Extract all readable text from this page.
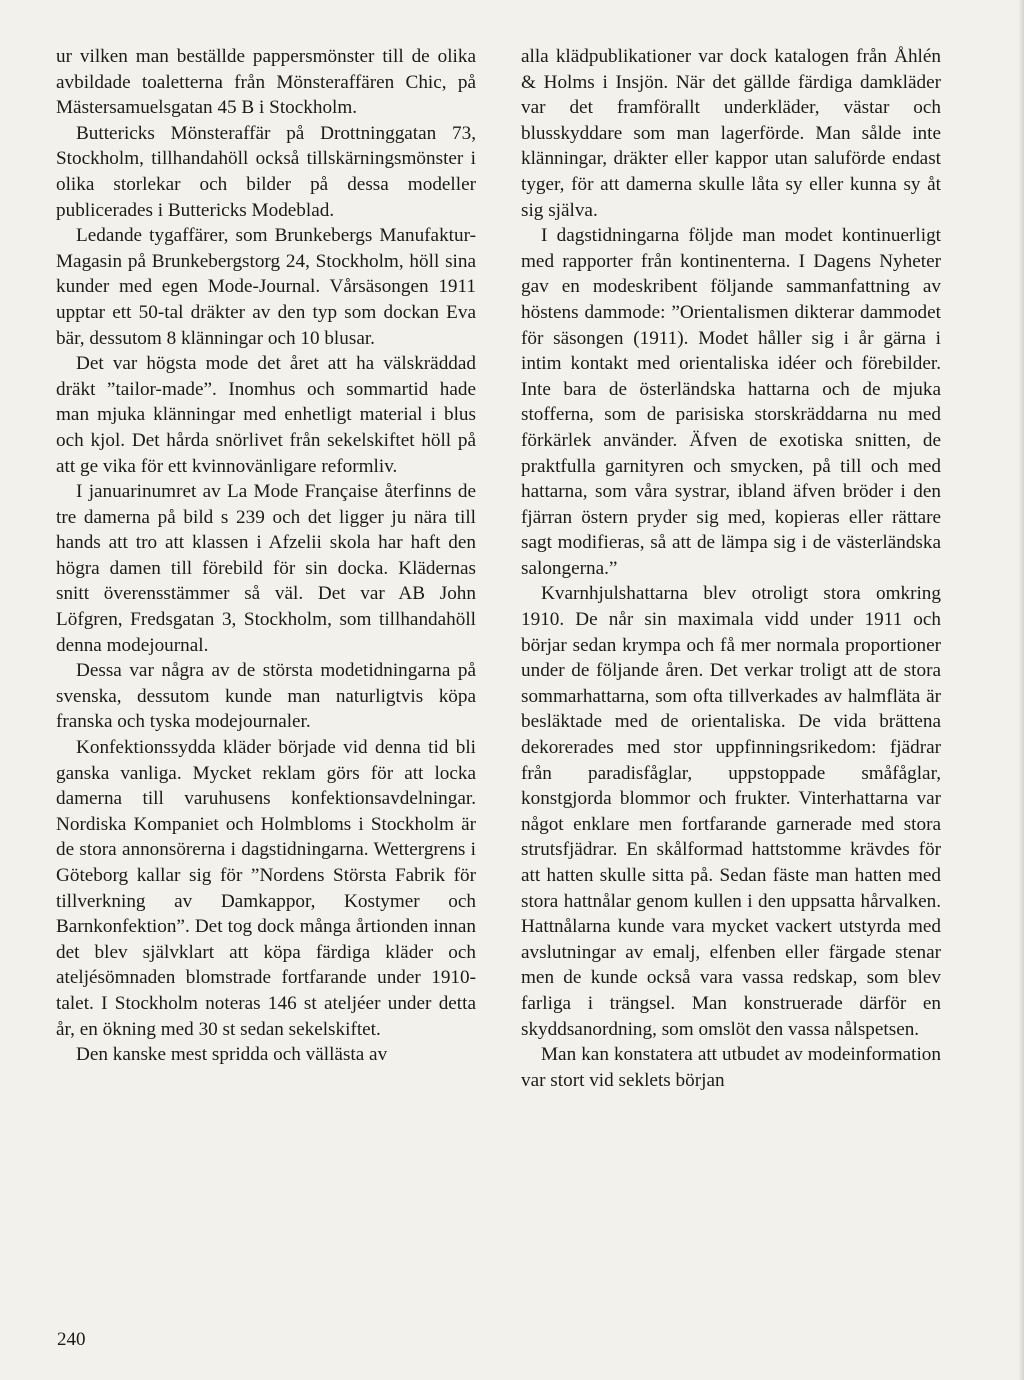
ur vilken man beställde pappersmönster till de olika avbildade toaletterna från Mönsteraffären Chic, på Mästersamuelsgatan 45 B i Stockholm.

Buttericks Mönsteraffär på Drottninggatan 73, Stockholm, tillhandahöll också tillskärningsmönster i olika storlekar och bilder på dessa modeller publicerades i Buttericks Modeblad.

Ledande tygaffärer, som Brunkebergs Manufaktur-Magasin på Brunkebergstorg 24, Stockholm, höll sina kunder med egen Mode-Journal. Vårsäsongen 1911 upptar ett 50-tal dräkter av den typ som dockan Eva bär, dessutom 8 klänningar och 10 blusar.

Det var högsta mode det året att ha välskräddad dräkt ”tailor-made”. Inomhus och sommartid hade man mjuka klänningar med enhetligt material i blus och kjol. Det hårda snörlivet från sekelskiftet höll på att ge vika för ett kvinnovänligare reformliv.

I januarinumret av La Mode Française återfinns de tre damerna på bild s 239 och det ligger ju nära till hands att tro att klassen i Afzelii skola har haft den högra damen till förebild för sin docka. Klädernas snitt överensstämmer så väl. Det var AB John Löfgren, Fredsgatan 3, Stockholm, som tillhandahöll denna modejournal.

Dessa var några av de största modetidningarna på svenska, dessutom kunde man naturligtvis köpa franska och tyska modejournaler.

Konfektionssydda kläder började vid denna tid bli ganska vanliga. Mycket reklam görs för att locka damerna till varuhusens konfektionsavdelningar. Nordiska Kompaniet och Holmbloms i Stockholm är de stora annonsörerna i dagstidningarna. Wettergrens i Göteborg kallar sig för ”Nordens Största Fabrik för tillverkning av Damkappor, Kostymer och Barnkonfektion”. Det tog dock många årtionden innan det blev självklart att köpa färdiga kläder och ateljésömnaden blomstrade fortfarande under 1910-talet. I Stockholm noteras 146 st ateljéer under detta år, en ökning med 30 st sedan sekelskiftet.

Den kanske mest spridda och vällästa av

alla klädpublikationer var dock katalogen från Åhlén & Holms i Insjön. När det gällde färdiga damkläder var det framförallt underkläder, västar och blusskyddare som man lagerförde. Man sålde inte klänningar, dräkter eller kappor utan saluförde endast tyger, för att damerna skulle låta sy eller kunna sy åt sig själva.

I dagstidningarna följde man modet kontinuerligt med rapporter från kontinenterna. I Dagens Nyheter gav en modeskribent följande sammanfattning av höstens dammode: ”Orientalismen dikterar dammodet för säsongen (1911). Modet håller sig i år gärna i intim kontakt med orientaliska idéer och förebilder. Inte bara de österländska hattarna och de mjuka stofferna, som de parisiska storskräddarna nu med förkärlek använder. Äfven de exotiska snitten, de praktfulla garnityren och smycken, på till och med hattarna, som våra systrar, ibland äfven bröder i den fjärran östern pryder sig med, kopieras eller rättare sagt modifieras, så att de lämpa sig i de västerländska salongerna.”

Kvarnhjulshattarna blev otroligt stora omkring 1910. De når sin maximala vidd under 1911 och börjar sedan krympa och få mer normala proportioner under de följande åren. Det verkar troligt att de stora sommarhattarna, som ofta tillverkades av halmfläta är besläktade med de orientaliska. De vida brättena dekorerades med stor uppfinningsrikedom: fjädrar från paradisfåglar, uppstoppade småfåglar, konstgjorda blommor och frukter. Vinterhattarna var något enklare men fortfarande garnerade med stora strutsfjädrar. En skålformad hattstomme krävdes för att hatten skulle sitta på. Sedan fäste man hatten med stora hattnålar genom kullen i den uppsatta hårvalken. Hattnålarna kunde vara mycket vackert utstyrda med avslutningar av emalj, elfenben eller färgade stenar men de kunde också vara vassa redskap, som blev farliga i trängsel. Man konstruerade därför en skyddsanordning, som omslöt den vassa nålspetsen.

Man kan konstatera att utbudet av modeinformation var stort vid seklets början

240
